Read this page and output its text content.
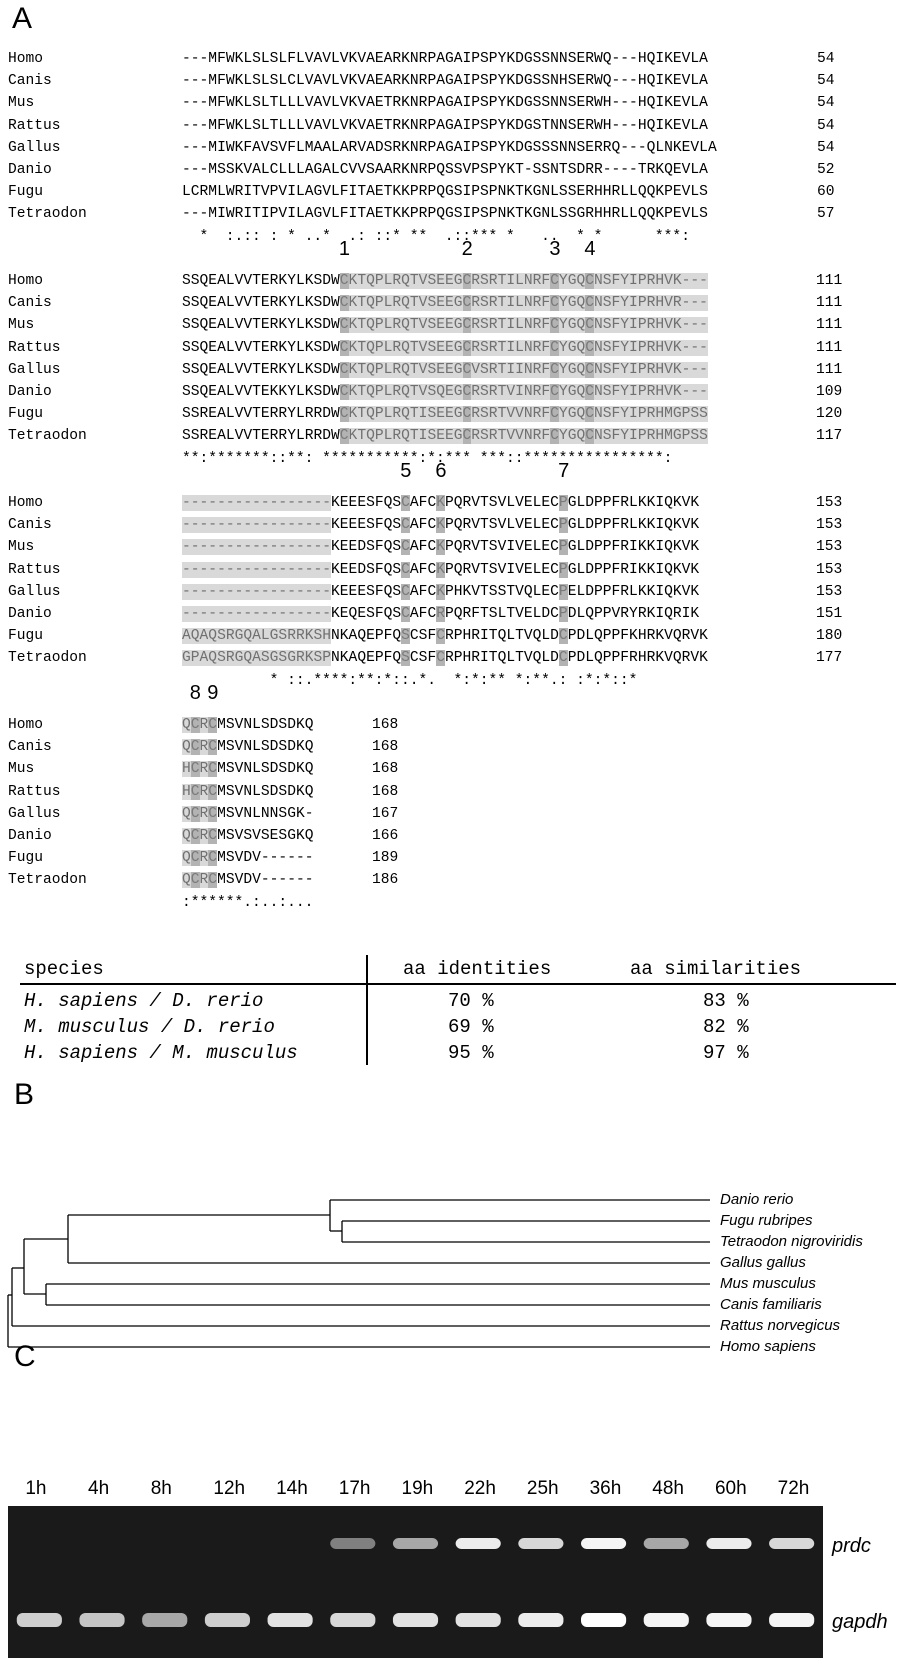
A
B
C
Homo	---MFWKLSLSLFLVAVLVKVAEARKNRPAGAIPSPYKDGSSNNSERWQ---HQIKEVLA	54
Canis	---MFWKLSLSLCLVAVLVKVAEARKNRPAGAIPSPYKDGSSNHSERWQ---HQIKEVLA	54
Mus	---MFWKLSLTLLLVAVLVKVAETRKNRPAGAIPSPYKDGSSNNSERWH---HQIKEVLA	54
Rattus	---MFWKLSLTLLLVAVLVKVAETRKNRPAGAIPSPYKDGSTNNSERWH---HQIKEVLA	54
Gallus	---MIWKFAVSVFLMAALARVADSRKNRPAGAIPSPYKDGSSSNNSERRQ---QLNKEVLA	54
Danio	---MSSKVALCLLLAGALCVVSAARKNRPQSSVPSPYKT-SSNTSDRR----TRKQEVLA	52
Fugu	LCRMLWRITVPVILAGVLFITAETKKPRPQGSIPSPNKTKGNLSSERHHRLLQQKPEVLS	60
Tetraodon	---MIWRITIPVILAGVLFITAETKKPRPQGSIPSPNKTKGNLSSGRHHRLLQQKPEVLS	57
*  :.:: : * ..*  .: ::* **  .::*** *   ..  * *      ***:
Homo	SSQEALVVTERKYLKSDWCKTQPLRQTVSEEGCRSRTILNRFCYGQCNSFYIPRHVK---	111
Canis	SSQEALVVTERKYLKSDWCKTQPLRQTVSEEGCRSRTILNRFCYGQCNSFYIPRHVR---	111
Mus	SSQEALVVTERKYLKSDWCKTQPLRQTVSEEGCRSRTILNRFCYGQCNSFYIPRHVK---	111
Rattus	SSQEALVVTERKYLKSDWCKTQPLRQTVSEEGCRSRTILNRFCYGQCNSFYIPRHVK---	111
Gallus	SSQEALVVTERKYLKSDWCKTQPLRQTVSEEGCVSRTIINRFCYGQCNSFYIPRHVK---	111
Danio	SSQEALVVTEKKYLKSDWCKTQPLRQTVSQEGCRSRTVINRFCYGQCNSFYIPRHVK---	109
Fugu	SSREALVVTERRYLRRDWCKTQPLRQTISEEGCRSRTVVNRFCYGQCNSFYIPRHMGPSS	120
Tetraodon	SSREALVVTERRYLRRDWCKTQPLRQTISEEGCRSRTVVNRFCYGQCNSFYIPRHMGPSS	117
**:*******::**: ***********:*:*** ***::****************:
Homo	-----------------KEEESFQSCAFCKPQRVTSVLVELECPGLDPPFRLKKIQKVK	153
Canis	-----------------KEEESFQSCAFCKPQRVTSVLVELECPGLDPPFRLKKIQKVK	153
Mus	-----------------KEEDSFQSCAFCKPQRVTSVIVELECPGLDPPFRIKKIQKVK	153
Rattus	-----------------KEEDSFQSCAFCKPQRVTSVIVELECPGLDPPFRIKKIQKVK	153
Gallus	-----------------KEEESFQSCAFCKPHKVTSSTVQLECPELDPPFRLKKIQKVK	153
Danio	-----------------KEQESFQSCAFCRPQRFTSLTVELDCPDLQPPVRYRKIQRIK	151
Fugu	AQAQSRGQALGSRRKSHNKAQEPFQSCSFCRPHRITQLTVQLDCPDLQPPFKHRKVQRVK	180
Tetraodon	GPAQSRGQASGSGRKSPNKAQEPFQSCSFCRPHRITQLTVQLDCPDLQPPFRHRKVQRVK	177
* ::.****:**:*::.*.  *:*:** *:**.: :*:*::*
Homo	QCRCMSVNLSDSDKQ	168
Canis	QCRCMSVNLSDSDKQ	168
Mus	HCRCMSVNLSDSDKQ	168
Rattus	HCRCMSVNLSDSDKQ	168
Gallus	QCRCMSVNLNNSGK-	167
Danio	QCRCMSVSVSESGKQ	166
Fugu	QCRCMSVDV------	189
Tetraodon	QCRCMSVDV------	186
:******.:..:...
species	aa identities	aa similarities
H. sapiens / D. rerio	70 %	83 %
M. musculus / D. rerio	69 %	82 %
H. sapiens / M. musculus	95 %	97 %
Danio rerio
Fugu rubripes
Tetraodon nigroviridis
Gallus gallus
Mus musculus
Canis familiaris
Rattus norvegicus
Homo sapiens
1h 4h 8h 12h 14h 17h 19h 22h 25h 36h 48h 60h 72h
prdc
gapdh
1	2	3 4
5 6	7
8 9
